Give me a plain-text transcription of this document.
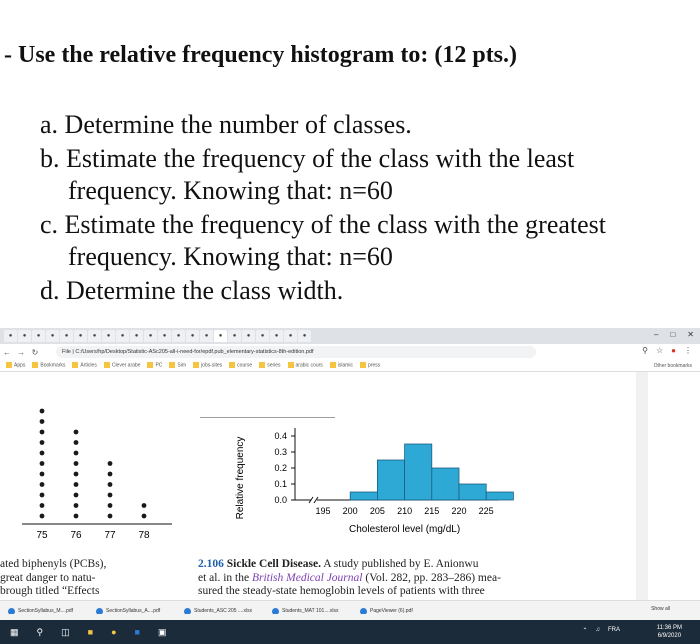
- Use the relative frequency histogram to: (12 pts.)
a. Determine the number of classes.
b. Estimate the frequency of the class with the least
frequency. Knowing that: n=60
c. Estimate the frequency of the class with the greatest
frequency. Knowing that: n=60
d. Determine the class width.
●	●	●	●	●	●	●	●	●	●	●	●	●	●	●	●	●	●	●	●	●	●	– □ ✕
← → ↻	File | C:/Users/hp/Desktop/Statistic-ASc205-all-i-need-for/epdf.pub_elementary-statistics-8th-edition.pdf	⚲ ☆ ● ⋮
Apps	Bookmarks	Articles	Clever arabe	PC	Sim	jobs-sites	course	series	arabic cours	islamic	press	Other bookmarks
———————————————
75 76 77 78
0.0
0.1
0.2
0.3
0.4
Relative frequency	195 200 205 210 215 220 225
Cholesterol level (mg/dL)
ated biphenyls (PCBs),
great danger to natu-
brough titled “Effects
2.106 Sickle Cell Disease. A study published by E. Anionwu
et al. in the British Medical Journal (Vol. 282, pp. 283–286) mea-
sured the steady-state hemoglobin levels of patients with three
SectionSyllabus_M....pdf	SectionSyllabus_A....pdf	Students_ASC 205 ....xlsx	Students_MAT 101....xlsx	PageViewer (6).pdf	Show all
▦ ⚲ ◫ ■ ● ■ ▣	⌃ ♫ FRA	11:36 PM
6/9/2020
